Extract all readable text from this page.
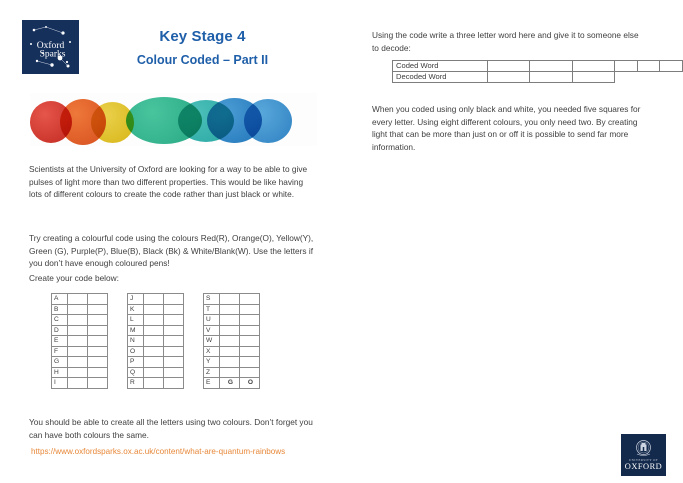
Oxford
Sparks
Key Stage 4
Colour Coded – Part II
Scientists at the University of Oxford are looking for a way to be able to give pulses of light more than two different properties. This would be like having lots of different colours to create the code rather than just black or white.
Try creating a colourful code using the colours Red(R), Orange(O), Yellow(Y), Green (G), Purple(P), Blue(B), Black (Bk) & White/Blank(W). Use the letters if you don’t have enough coloured pens!
Create your code below:
A		
B		
C		
D		
E		
F		
G		
H		
I		
J		
K		
L		
M		
N		
O		
P		
Q		
R		
S		
T		
U		
V		
W		
X		
Y		
Z		
E	G	O
You should be able to create all the letters using two colours. Don’t forget you can have both colours the same.
https://www.oxfordsparks.ox.ac.uk/content/what-are-quantum-rainbows
Using the code write a three letter word here and give it to someone else to decode:
Coded Word						
Decoded Word						
When you coded using only black and white, you needed five squares for every letter. Using eight different colours, you only need two. By creating light that can be more than just on or off it is possible to send far more information.
UNIVERSITY OF
OXFORD
